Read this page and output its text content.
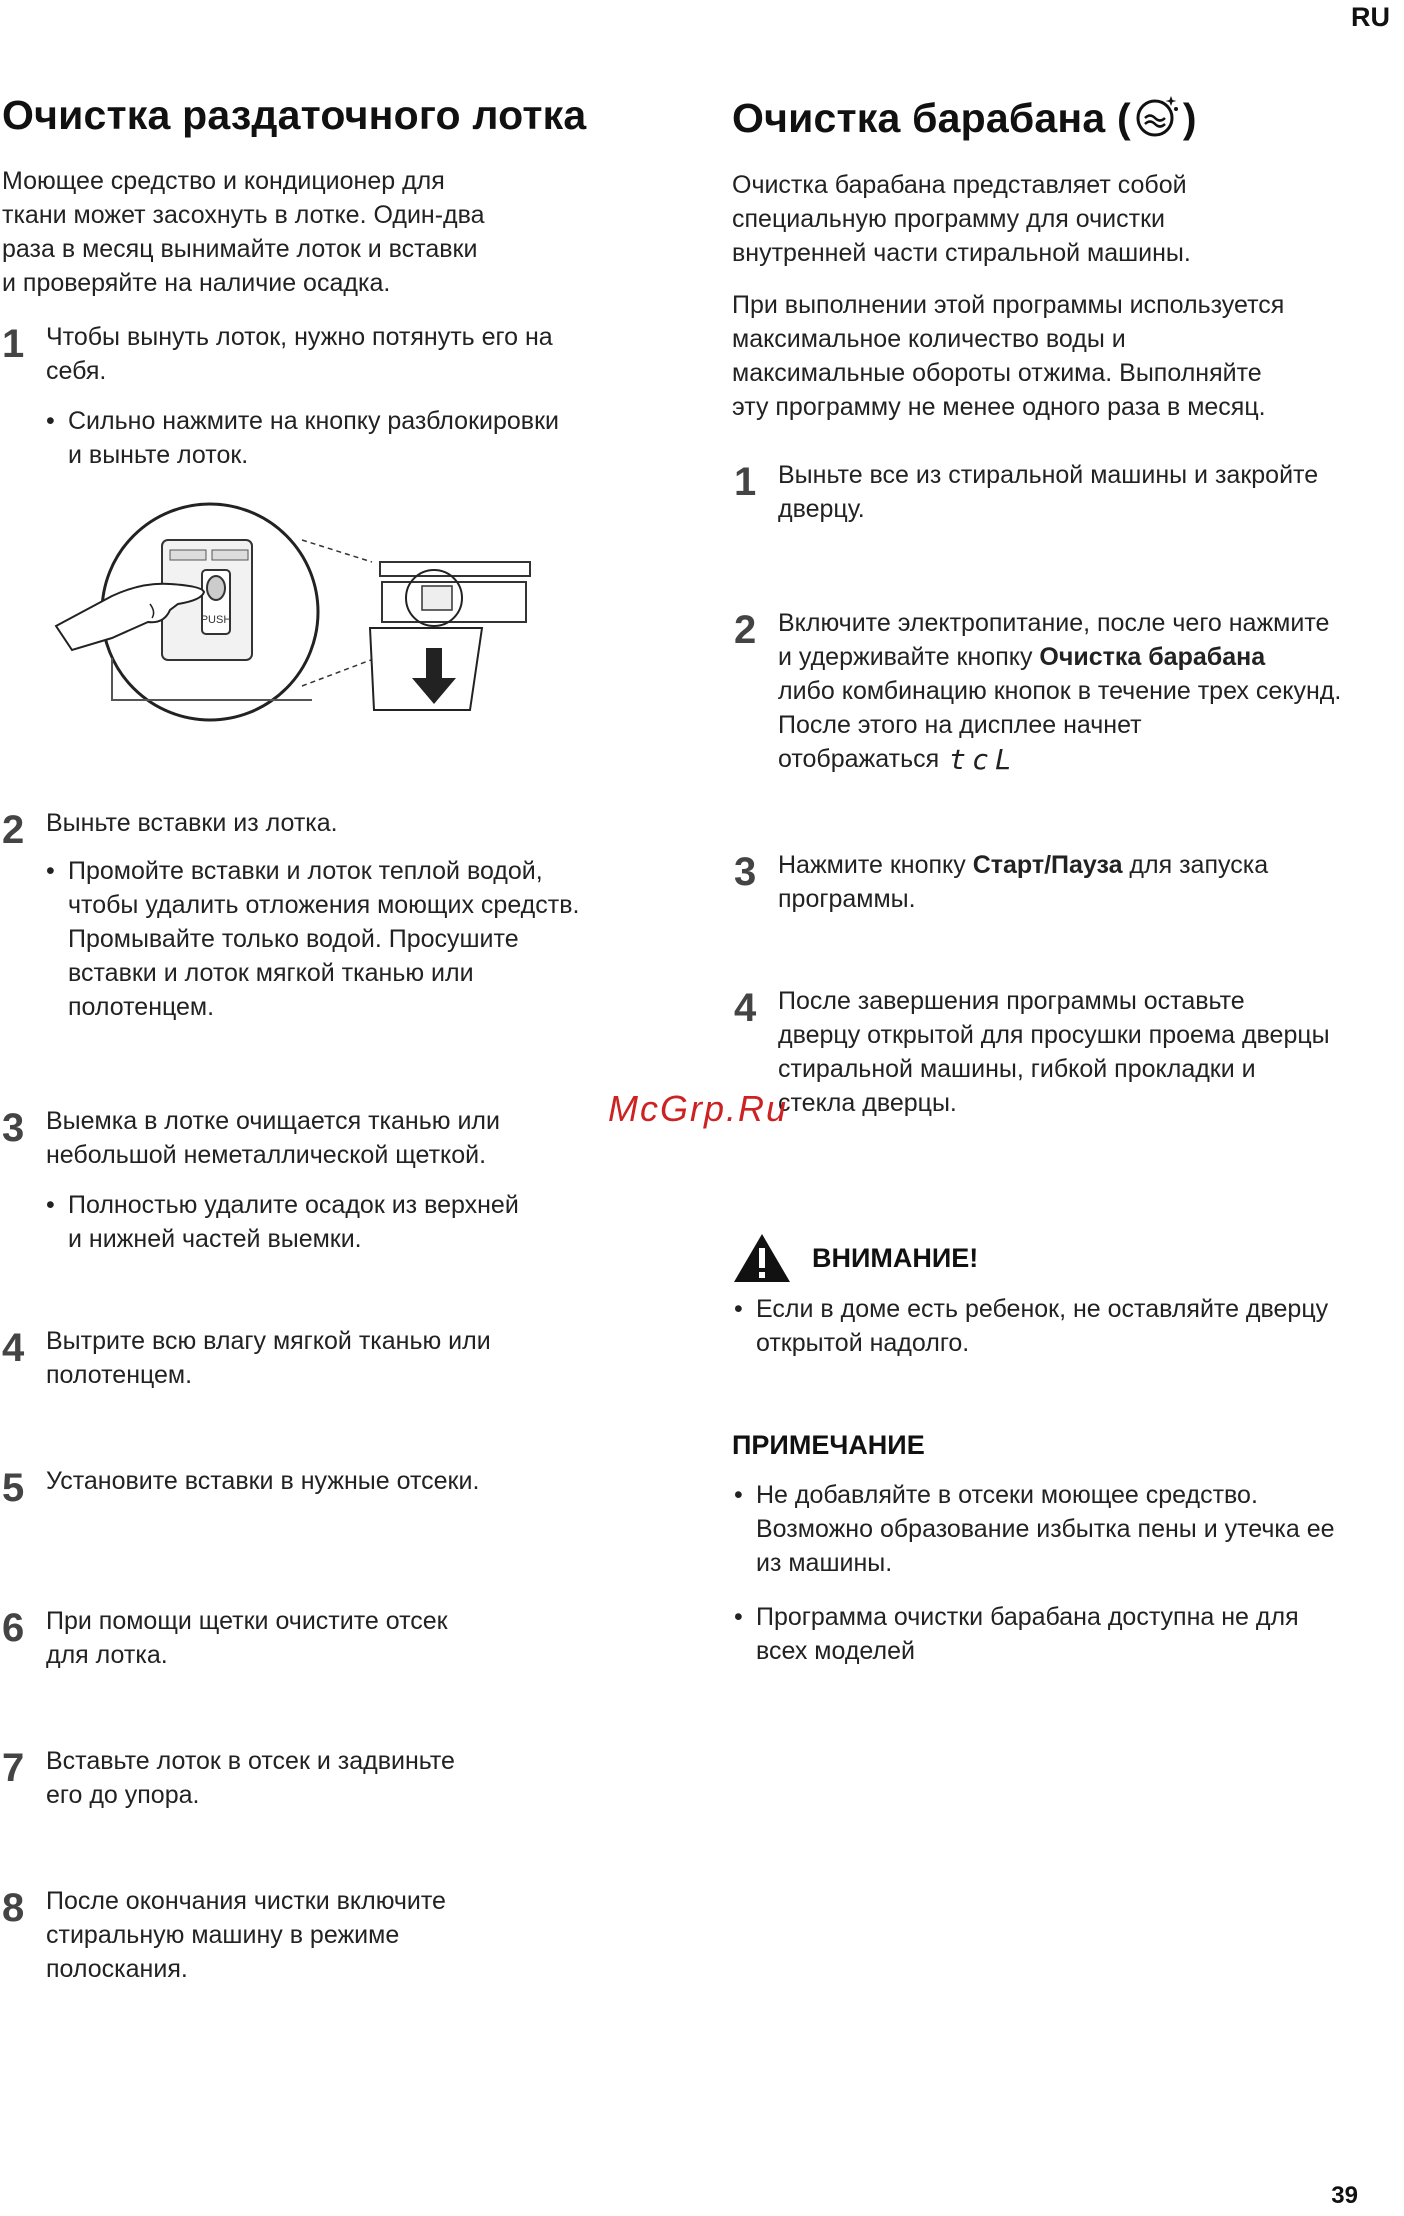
RU
Очистка раздаточного лотка
Моющее средство и кондиционер для
ткани может засохнуть в лотке. Один-два
раза в месяц вынимайте лоток и вставки
и проверяйте на наличие осадка.
1 Чтобы вынуть лоток, нужно потянуть его на
себя.
• Сильно нажмите на кнопку разблокировки
и выньте лоток.
PUSH
2 Выньте вставки из лотка.
• Промойте вставки и лоток теплой водой,
чтобы удалить отложения моющих средств.
Промывайте только водой. Просушите
вставки и лоток мягкой тканью или
полотенцем.
3 Выемка в лотке очищается тканью или
небольшой неметаллической щеткой.
• Полностью удалите осадок из верхней
и нижней частей выемки.
4 Вытрите всю влагу мягкой тканью или
полотенцем.
5 Установите вставки в нужные отсеки.
6 При помощи щетки очистите отсек
для лотка.
7 Вставьте лоток в отсек и задвиньте
его до упора.
8 После окончания чистки включите
стиральную машину в режиме
полоскания.
Очистка барабана ( )
Очистка барабана представляет собой
специальную программу для очистки
внутренней части стиральной машины.
При выполнении этой программы используется
максимальное количество воды и
максимальные обороты отжима. Выполняйте
эту программу не менее одного раза в месяц.
1 Выньте все из стиральной машины и закройте
дверцу.
2 Включите электропитание, после чего нажмите
и удерживайте кнопку Очистка барабана
либо комбинацию кнопок в течение трех секунд.
После этого на дисплее начнет
отображаться tcL
3 Нажмите кнопку Старт/Пауза для запуска
программы.
4 После завершения программы оставьте
дверцу открытой для просушки проема дверцы
стиральной машины, гибкой прокладки и
стекла дверцы.
McGrp.Ru
ВНИМАНИЕ!
• Если в доме есть ребенок, не оставляйте дверцу
открытой надолго.
ПРИМЕЧАНИЕ
• Не добавляйте в отсеки моющее средство.
Возможно образование избытка пены и утечка ее
из машины.
• Программа очистки барабана доступна не для
всех моделей
39
